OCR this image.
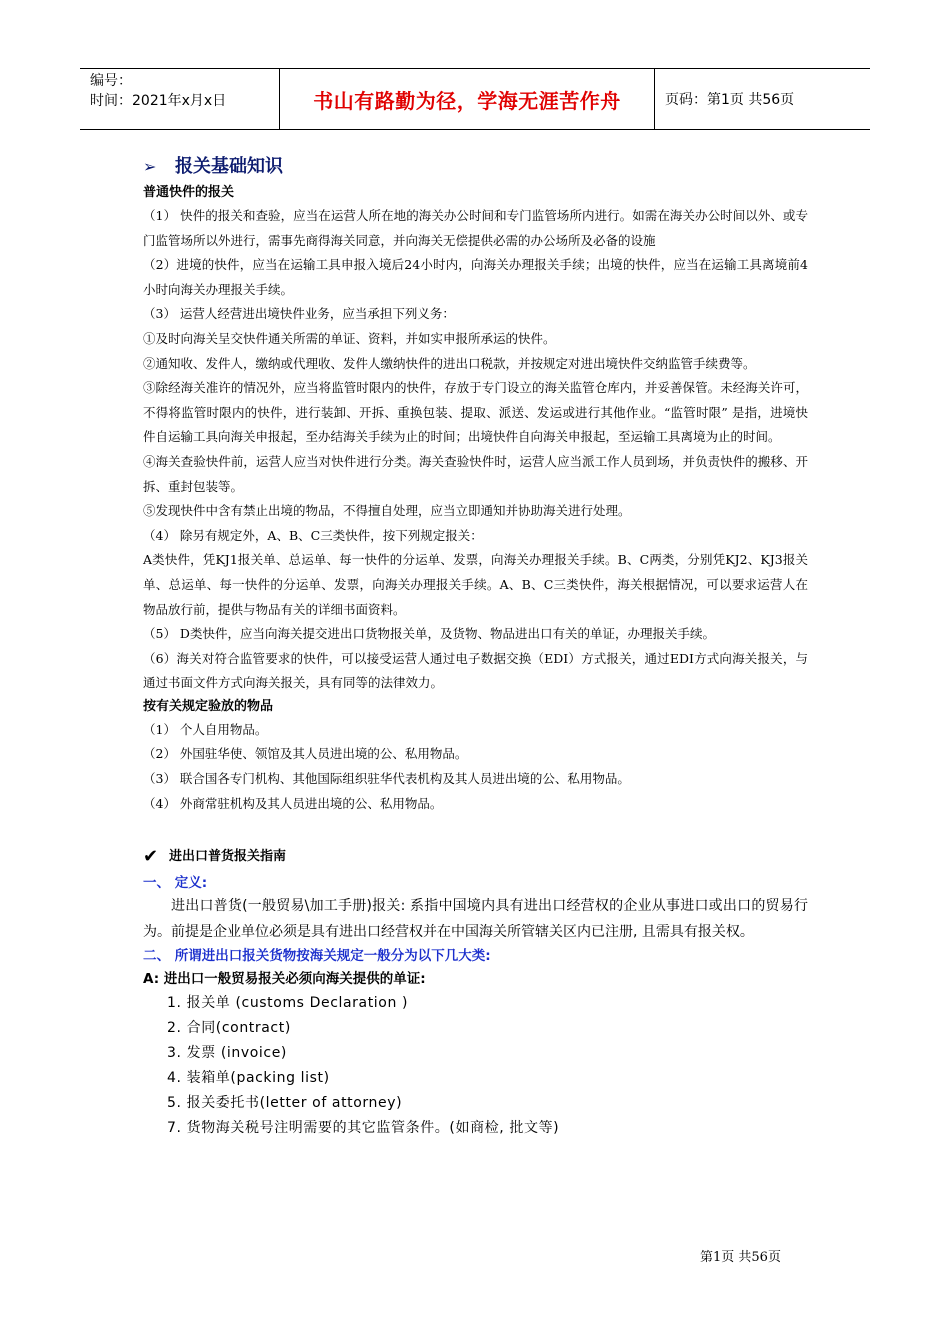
编号：
时间：2021年x月x日	书山有路勤为径，学海无涯苦作舟	页码：第1页 共56页
➢	报关基础知识
普通快件的报关
（1） 快件的报关和查验，应当在运营人所在地的海关办公时间和专门监管场所内进行。如需在海关办公时间以外、或专门监管场所以外进行，需事先商得海关同意，并向海关无偿提供必需的办公场所及必备的设施
（2）进境的快件，应当在运输工具申报入境后24小时内，向海关办理报关手续；出境的快件，应当在运输工具离境前4小时向海关办理报关手续。
（3） 运营人经营进出境快件业务，应当承担下列义务：
①及时向海关呈交快件通关所需的单证、资料，并如实申报所承运的快件。
②通知收、发件人，缴纳或代理收、发件人缴纳快件的进出口税款，并按规定对进出境快件交纳监管手续费等。
③除经海关准许的情况外，应当将监管时限内的快件，存放于专门设立的海关监管仓库内，并妥善保管。未经海关许可，不得将监管时限内的快件，进行装卸、开拆、重换包装、提取、派送、发运或进行其他作业。“监管时限” 是指，进境快件自运输工具向海关申报起，至办结海关手续为止的时间；出境快件自向海关申报起，至运输工具离境为止的时间。
④海关查验快件前，运营人应当对快件进行分类。海关查验快件时，运营人应当派工作人员到场，并负责快件的搬移、开拆、重封包装等。
⑤发现快件中含有禁止出境的物品，不得擅自处理，应当立即通知并协助海关进行处理。
（4） 除另有规定外，A、B、C三类快件，按下列规定报关：
A类快件，凭KJ1报关单、总运单、每一快件的分运单、发票，向海关办理报关手续。B、C两类，分别凭KJ2、KJ3报关单、总运单、每一快件的分运单、发票，向海关办理报关手续。A、B、C三类快件，海关根据情况，可以要求运营人在物品放行前，提供与物品有关的详细书面资料。
（5） D类快件，应当向海关提交进出口货物报关单，及货物、物品进出口有关的单证，办理报关手续。
（6）海关对符合监管要求的快件，可以接受运营人通过电子数据交换（EDI）方式报关，通过EDI方式向海关报关，与通过书面文件方式向海关报关，具有同等的法律效力。
按有关规定验放的物品
（1） 个人自用物品。
（2） 外国驻华使、领馆及其人员进出境的公、私用物品。
（3） 联合国各专门机构、其他国际组织驻华代表机构及其人员进出境的公、私用物品。
（4） 外商常驻机构及其人员进出境的公、私用物品。
✔ 进出口普货报关指南
一、 定义:
进出口普货(一般贸易\加工手册)报关: 系指中国境内具有进出口经营权的企业从事进口或出口的贸易行为。前提是企业单位必须是具有进出口经营权并在中国海关所管辖关区内已注册, 且需具有报关权。
二、 所谓进出口报关货物按海关规定一般分为以下几大类:
A: 进出口一般贸易报关必须向海关提供的单证:
1. 报关单 (customs Declaration )
2. 合同(contract)
3. 发票 (invoice)
4. 装箱单(packing list)
5. 报关委托书(letter of attorney)
7. 货物海关税号注明需要的其它监管条件。(如商检, 批文等)
第1页 共56页
